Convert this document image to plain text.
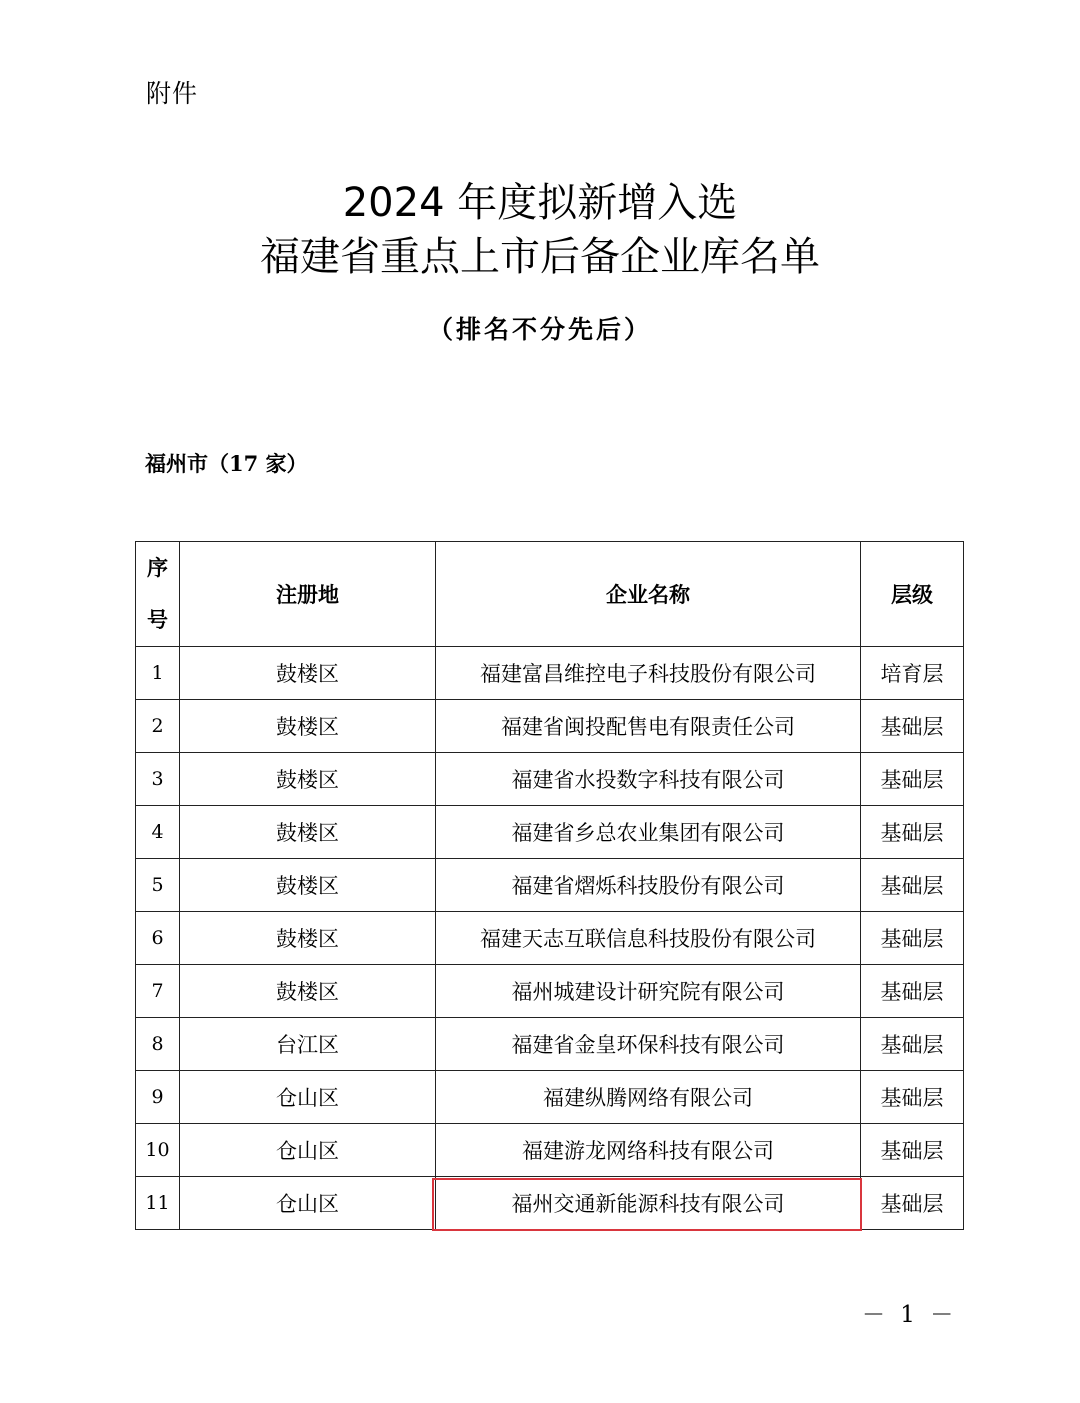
附件
2024 年度拟新增入选
福建省重点上市后备企业库名单
（排名不分先后）
福州市（17 家）
序
号	注册地	企业名称	层级
1	鼓楼区	福建富昌维控电子科技股份有限公司	培育层
2	鼓楼区	福建省闽投配售电有限责任公司	基础层
3	鼓楼区	福建省水投数字科技有限公司	基础层
4	鼓楼区	福建省乡总农业集团有限公司	基础层
5	鼓楼区	福建省熠烁科技股份有限公司	基础层
6	鼓楼区	福建天志互联信息科技股份有限公司	基础层
7	鼓楼区	福州城建设计研究院有限公司	基础层
8	台江区	福建省金皇环保科技有限公司	基础层
9	仓山区	福建纵腾网络有限公司	基础层
10	仓山区	福建游龙网络科技有限公司	基础层
11	仓山区	福州交通新能源科技有限公司	基础层
－ 1 －
